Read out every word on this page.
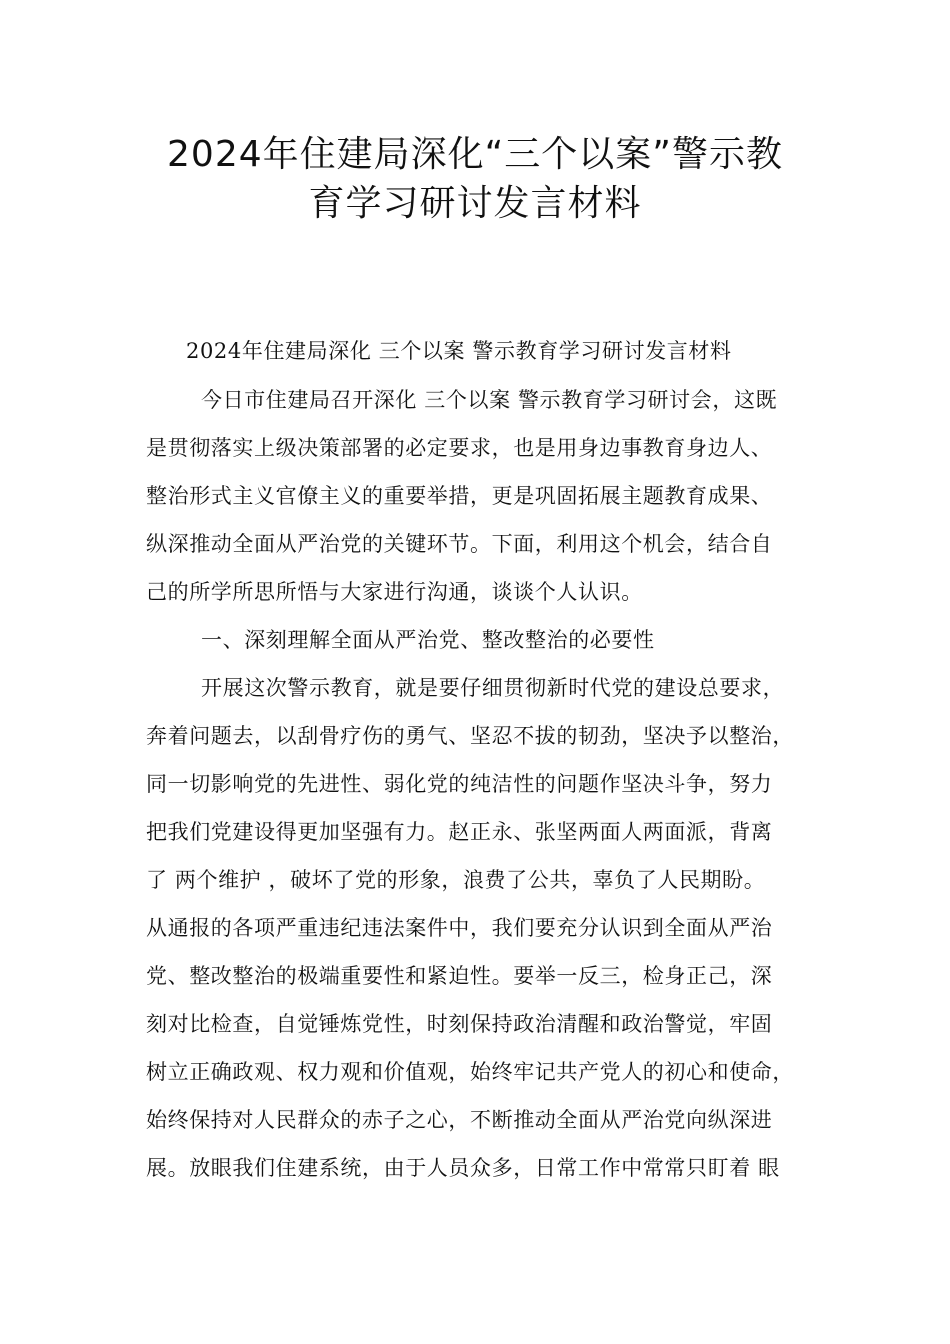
2024年住建局深化“三个以案”警示教
育学习研讨发言材料
2024年住建局深化 三个以案 警示教育学习研讨发言材料
今日市住建局召开深化 三个以案 警示教育学习研讨会，这既
是贯彻落实上级决策部署的必定要求，也是用身边事教育身边人、
整治形式主义官僚主义的重要举措，更是巩固拓展主题教育成果、
纵深推动全面从严治党的关键环节。下面，利用这个机会，结合自
己的所学所思所悟与大家进行沟通，谈谈个人认识。
一、深刻理解全面从严治党、整改整治的必要性
开展这次警示教育，就是要仔细贯彻新时代党的建设总要求，
奔着问题去，以刮骨疗伤的勇气、坚忍不拔的韧劲，坚决予以整治，
同一切影响党的先进性、弱化党的纯洁性的问题作坚决斗争，努力
把我们党建设得更加坚强有力。赵正永、张坚两面人两面派，背离
了 两个维护 ，破坏了党的形象，浪费了公共，辜负了人民期盼。
从通报的各项严重违纪违法案件中，我们要充分认识到全面从严治
党、整改整治的极端重要性和紧迫性。要举一反三，检身正己，深
刻对比检查，自觉锤炼党性，时刻保持政治清醒和政治警觉，牢固
树立正确政观、权力观和价值观，始终牢记共产党人的初心和使命，
始终保持对人民群众的赤子之心，不断推动全面从严治党向纵深进
展。放眼我们住建系统，由于人员众多，日常工作中常常只盯着 眼
